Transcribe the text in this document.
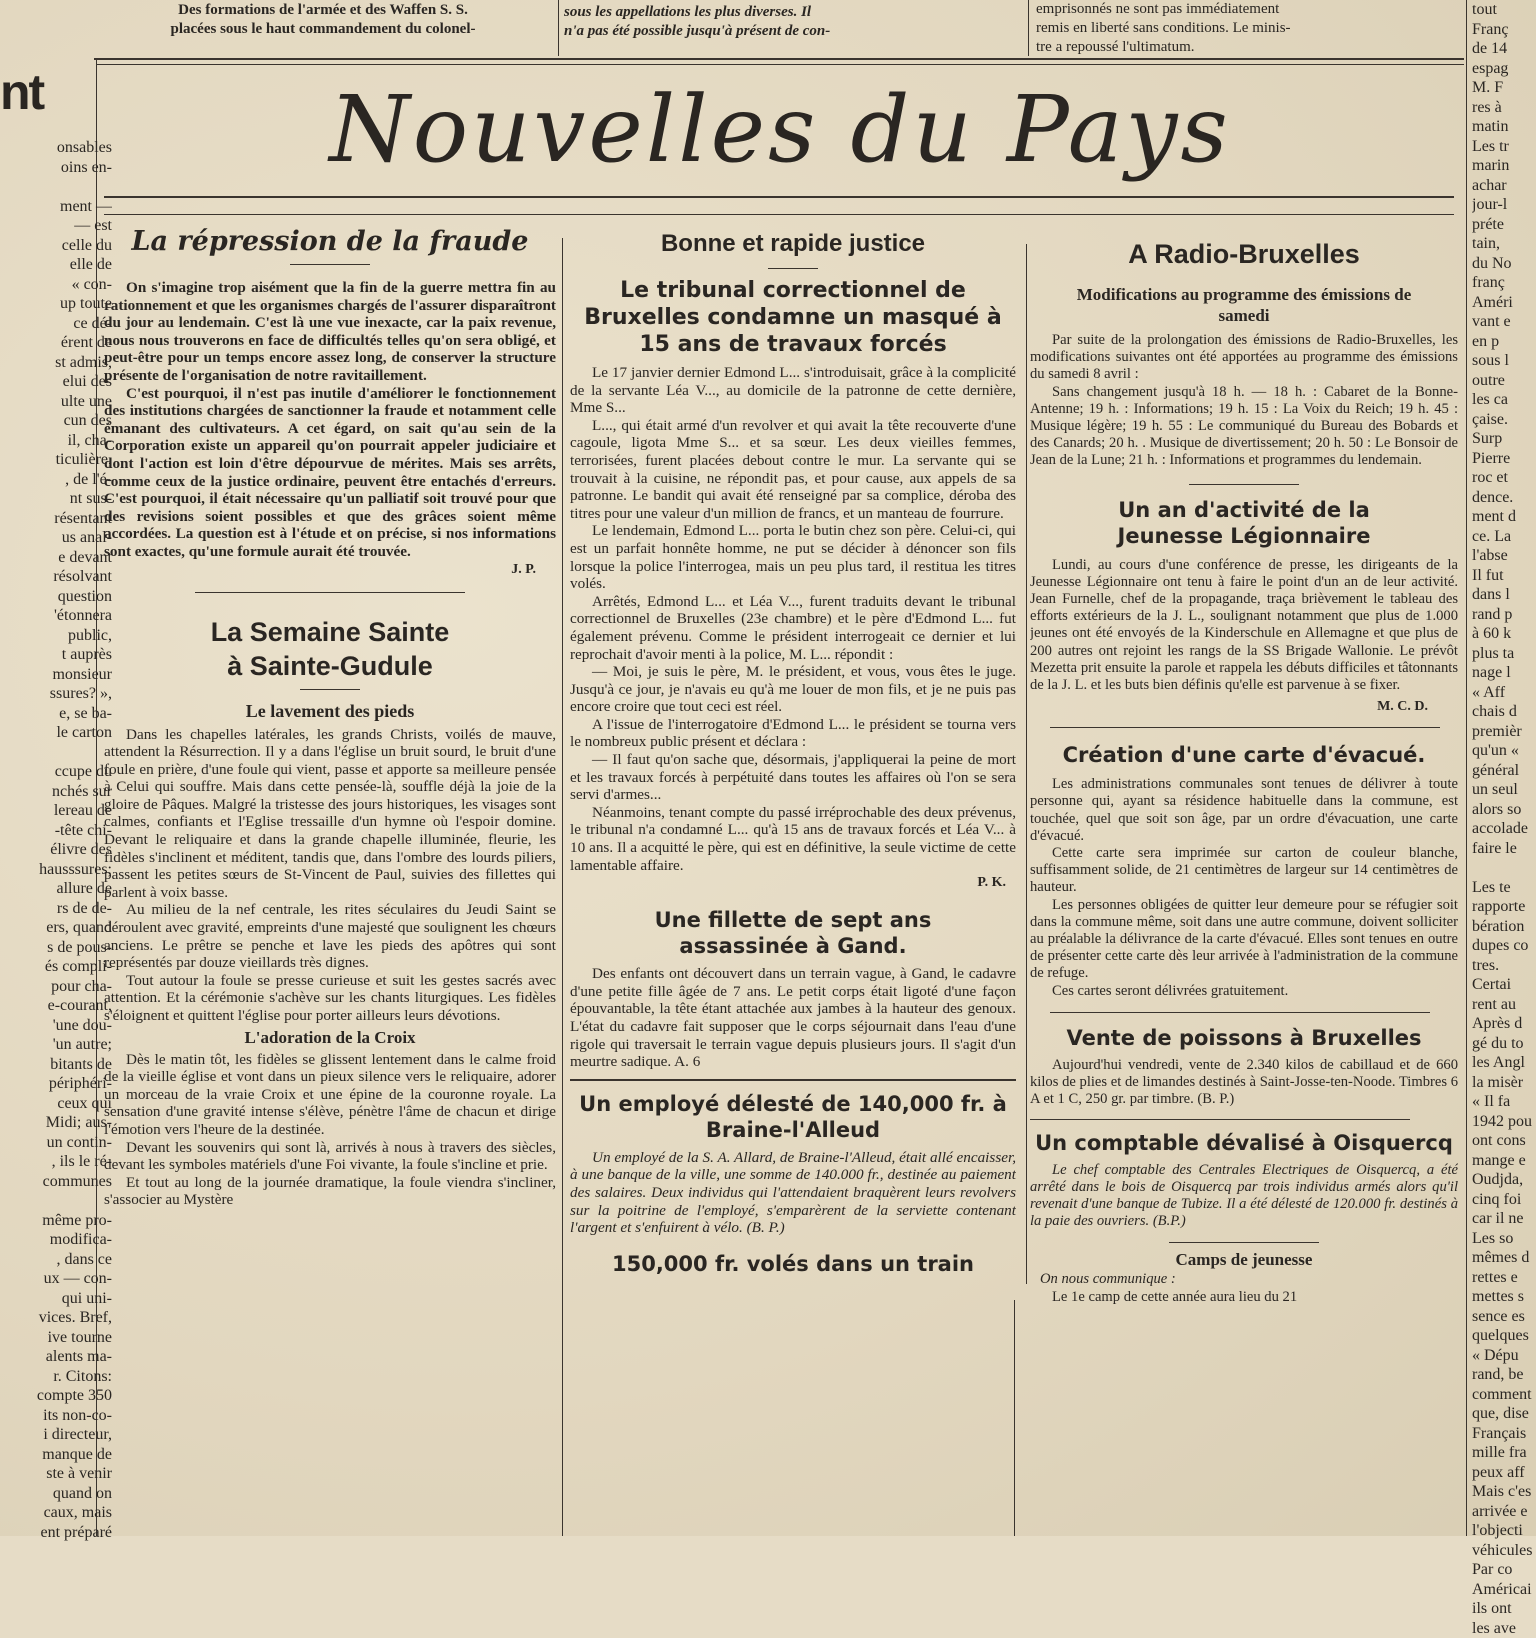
Des formations de l'armée et des Waffen S. S.
placées sous le haut commandement du colonel-
sous les appellations les plus diverses. Il
n'a pas été possible jusqu'à présent de con-
emprisonnés ne sont pas immédiatement
remis en liberté sans conditions. Le minis-
tre a repoussé l'ultimatum.
Nouvelles du Pays
nt
onsables
oins en-
ment —
— est
celle du
elle de
« con-
up toute
ce dé-
érent de
st admis,
elui des
ulte une
cun des
il, cha-
ticulière,
, de l'é-
nt sus-
résentant
us anal-
e devant
résolvant
question
'étonnera
public,
t auprès
monsieur
ssures? »,
e, se ba-
le carton
ccupe du
nchés sur
lereau de
-tête chi-
élivre des
hausssures;
allure de
rs de de-
ers, quand
s de pous-
és compli-
pour cha-
e-courant,
'une dou-
'un autre;
bitants de
périphéri-
ceux qui
Midi; aus-
un contin-
, ils le ré-
communes
même pro-
modifica-
, dans ce
ux — con-
qui uni-
vices. Bref,
ive tourne
alents ma-
r. Citons:
compte 350
its non-co-
i directeur,
manque de
ste à venir
quand on
caux, mais
ent préparé
tout
Franç
de 14
espag
M. F
res à
matin
Les tr
marin
achar
jour-l
préte
tain,
du No
franç
Améri
vant e
en p
sous l
outre
les ca
çaise.
Surp
Pierre
roc et
dence.
ment d
ce. La
l'abse
Il fut
dans l
rand p
à 60 k
plus ta
nage l
« Aff
chais d
premièr
qu'un «
général
un seul
alors so
accolade
faire le
Les te
rapporte
bération
dupes co
tres.
Certai
rent au
Après d
gé du to
les Angl
la misèr
« Il fa
1942 pou
ont cons
mange e
Oudjda,
cinq foi
car il ne
Les so
mêmes d
rettes e
mettes s
sence es
quelques
« Dépu
rand, be
comment
que, dise
Français
mille fra
peux aff
Mais c'es
arrivée e
l'objecti
véhicules
Par co
Américai
ils ont
les ave
La répression de la fraude

On s'imagine trop aisément que la fin de la guerre mettra fin au rationnement et que les organismes chargés de l'assurer disparaîtront du jour au lendemain. C'est là une vue inexacte, car la paix revenue, nous nous trouverons en face de difficultés telles qu'on sera obligé, et peut-être pour un temps encore assez long, de conserver la structure présente de l'organisation de notre ravitaillement.

C'est pourquoi, il n'est pas inutile d'améliorer le fonctionnement des institutions chargées de sanctionner la fraude et notamment celle émanant des cultivateurs. A cet égard, on sait qu'au sein de la Corporation existe un appareil qu'on pourrait appeler judiciaire et dont l'action est loin d'être dépourvue de mérites. Mais ses arrêts, comme ceux de la justice ordinaire, peuvent être entachés d'erreurs. C'est pourquoi, il était nécessaire qu'un palliatif soit trouvé pour que des revisions soient possibles et que des grâces soient même accordées. La question est à l'étude et on précise, si nos informations sont exactes, qu'une formule aurait été trouvée.

J. P.
La Semaine Sainte
à Sainte-Gudule
Le lavement des pieds

Dans les chapelles latérales, les grands Christs, voilés de mauve, attendent la Résurrection. Il y a dans l'église un bruit sourd, le bruit d'une foule en prière, d'une foule qui vient, passe et apporte sa meilleure pensée à Celui qui souffre. Mais dans cette pensée-là, souffle déjà la joie de la gloire de Pâques. Malgré la tristesse des jours historiques, les visages sont calmes, confiants et l'Eglise tressaille d'un hymne où l'espoir domine. Devant le reliquaire et dans la grande chapelle illuminée, fleurie, les fidèles s'inclinent et méditent, tandis que, dans l'ombre des lourds piliers, passent les petites sœurs de St-Vincent de Paul, suivies des fillettes qui parlent à voix basse.

Au milieu de la nef centrale, les rites séculaires du Jeudi Saint se déroulent avec gravité, empreints d'une majesté que soulignent les chœurs anciens. Le prêtre se penche et lave les pieds des apôtres qui sont représentés par douze vieillards très dignes.

Tout autour la foule se presse curieuse et suit les gestes sacrés avec attention. Et la cérémonie s'achève sur les chants liturgiques. Les fidèles s'éloignent et quittent l'église pour porter ailleurs leurs dévotions.

L'adoration de la Croix

Dès le matin tôt, les fidèles se glissent lentement dans le calme froid de la vieille église et vont dans un pieux silence vers le reliquaire, adorer un morceau de la vraie Croix et une épine de la couronne royale. La sensation d'une gravité intense s'élève, pénètre l'âme de chacun et dirige l'émotion vers l'heure de la destinée.

Devant les souvenirs qui sont là, arrivés à nous à travers des siècles, devant les symboles matériels d'une Foi vivante, la foule s'incline et prie.

Et tout au long de la journée dramatique, la foule viendra s'incliner, s'associer au Mystère

Bonne et rapide justice
Le tribunal correctionnel de Bruxelles condamne un masqué à 15 ans de travaux forcés

Le 17 janvier dernier Edmond L... s'introduisait, grâce à la complicité de la servante Léa V..., au domicile de la patronne de cette dernière, Mme S...

L..., qui était armé d'un revolver et qui avait la tête recouverte d'une cagoule, ligota Mme S... et sa sœur. Les deux vieilles femmes, terrorisées, furent placées debout contre le mur. La servante qui se trouvait à la cuisine, ne répondit pas, et pour cause, aux appels de sa patronne. Le bandit qui avait été renseigné par sa complice, déroba des titres pour une valeur d'un million de francs, et un manteau de fourrure.

Le lendemain, Edmond L... porta le butin chez son père. Celui-ci, qui est un parfait honnête homme, ne put se décider à dénoncer son fils lorsque la police l'interrogea, mais un peu plus tard, il restitua les titres volés.

Arrêtés, Edmond L... et Léa V..., furent traduits devant le tribunal correctionnel de Bruxelles (23e chambre) et le père d'Edmond L... fut également prévenu. Comme le président interrogeait ce dernier et lui reprochait d'avoir menti à la police, M. L... répondit :

— Moi, je suis le père, M. le président, et vous, vous êtes le juge. Jusqu'à ce jour, je n'avais eu qu'à me louer de mon fils, et je ne puis pas encore croire que tout ceci est réel.

A l'issue de l'interrogatoire d'Edmond L... le président se tourna vers le nombreux public présent et déclara :

— Il faut qu'on sache que, désormais, j'appliquerai la peine de mort et les travaux forcés à perpétuité dans toutes les affaires où l'on se sera servi d'armes...

Néanmoins, tenant compte du passé irréprochable des deux prévenus, le tribunal n'a condamné L... qu'à 15 ans de travaux forcés et Léa V... à 10 ans. Il a acquitté le père, qui est en définitive, la seule victime de cette lamentable affaire.

P. K.
Une fillette de sept ans assassinée à Gand.

Des enfants ont découvert dans un terrain vague, à Gand, le cadavre d'une petite fille âgée de 7 ans. Le petit corps était ligoté d'une façon épouvantable, la tête étant attachée aux jambes à la hauteur des genoux. L'état du cadavre fait supposer que le corps séjournait dans l'eau d'une rigole qui traversait le terrain vague depuis plusieurs jours. Il s'agit d'un meurtre sadique. A. 6

Un employé délesté de 140,000 fr. à Braine-l'Alleud

Un employé de la S. A. Allard, de Braine-l'Alleud, était allé encaisser, à une banque de la ville, une somme de 140.000 fr., destinée au paiement des salaires. Deux individus qui l'attendaient braquèrent leurs revolvers sur la poitrine de l'employé, s'emparèrent de la serviette contenant l'argent et s'enfuirent à vélo. (B. P.)

150,000 fr. volés dans un train
A Radio-Bruxelles
Modifications au programme des émissions de samedi

Par suite de la prolongation des émissions de Radio-Bruxelles, les modifications suivantes ont été apportées au programme des émissions du samedi 8 avril :

Sans changement jusqu'à 18 h. — 18 h. : Cabaret de la Bonne-Antenne; 19 h. : Informations; 19 h. 15 : La Voix du Reich; 19 h. 45 : Musique légère; 19 h. 55 : Le communiqué du Bureau des Bobards et des Canards; 20 h. . Musique de divertissement; 20 h. 50 : Le Bonsoir de Jean de la Lune; 21 h. : Informations et programmes du lendemain.

Un an d'activité de la Jeunesse Légionnaire

Lundi, au cours d'une conférence de presse, les dirigeants de la Jeunesse Légionnaire ont tenu à faire le point d'un an de leur activité. Jean Furnelle, chef de la propagande, traça brièvement le tableau des efforts extérieurs de la J. L., soulignant notamment que plus de 1.000 jeunes ont été envoyés de la Kinderschule en Allemagne et que plus de 200 autres ont rejoint les rangs de la SS Brigade Wallonie. Le prévôt Mezetta prit ensuite la parole et rappela les débuts difficiles et tâtonnants de la J. L. et les buts bien définis qu'elle est parvenue à se fixer.

M. C. D.
Création d'une carte d'évacué.

Les administrations communales sont tenues de délivrer à toute personne qui, ayant sa résidence habituelle dans la commune, est touchée, quel que soit son âge, par un ordre d'évacuation, une carte d'évacué.

Cette carte sera imprimée sur carton de couleur blanche, suffisamment solide, de 21 centimètres de largeur sur 14 centimètres de hauteur.

Les personnes obligées de quitter leur demeure pour se réfugier soit dans la commune même, soit dans une autre commune, doivent solliciter au préalable la délivrance de la carte d'évacué. Elles sont tenues en outre de présenter cette carte dès leur arrivée à l'administration de la commune de refuge.

Ces cartes seront délivrées gratuitement.

Vente de poissons à Bruxelles

Aujourd'hui vendredi, vente de 2.340 kilos de cabillaud et de 660 kilos de plies et de limandes destinés à Saint-Josse-ten-Noode. Timbres 6 A et 1 C, 250 gr. par timbre. (B. P.)

Un comptable dévalisé à Oisquercq

Le chef comptable des Centrales Electriques de Oisquercq, a été arrêté dans le bois de Oisquercq par trois individus armés alors qu'il revenait d'une banque de Tubize. Il a été délesté de 120.000 fr. destinés à la paie des ouvriers. (B.P.)

Camps de jeunesse

On nous communique :

Le 1e camp de cette année aura lieu du 21
